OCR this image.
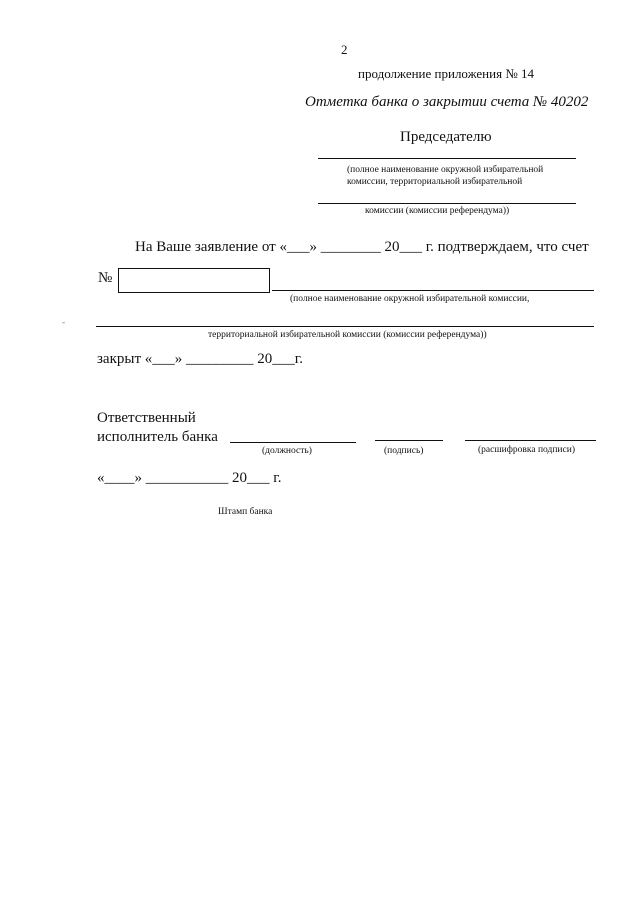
2
продолжение приложения № 14
Отметка банка о закрытии счета № 40202
Председателю
(полное наименование окружной избирательной
комиссии, территориальной избирательной
комиссии (комиссии референдума))
На Ваше заявление от «___» ________ 20___ г. подтверждаем, что счет
№
(полное наименование окружной избирательной комиссии,
-
территориальной избирательной комиссии (комиссии референдума))
закрыт «___» _________ 20___г.
Ответственный
исполнитель банка
(должность)	(подпись)	(расшифровка подписи)
«____» ___________ 20___ г.
Штамп банка
